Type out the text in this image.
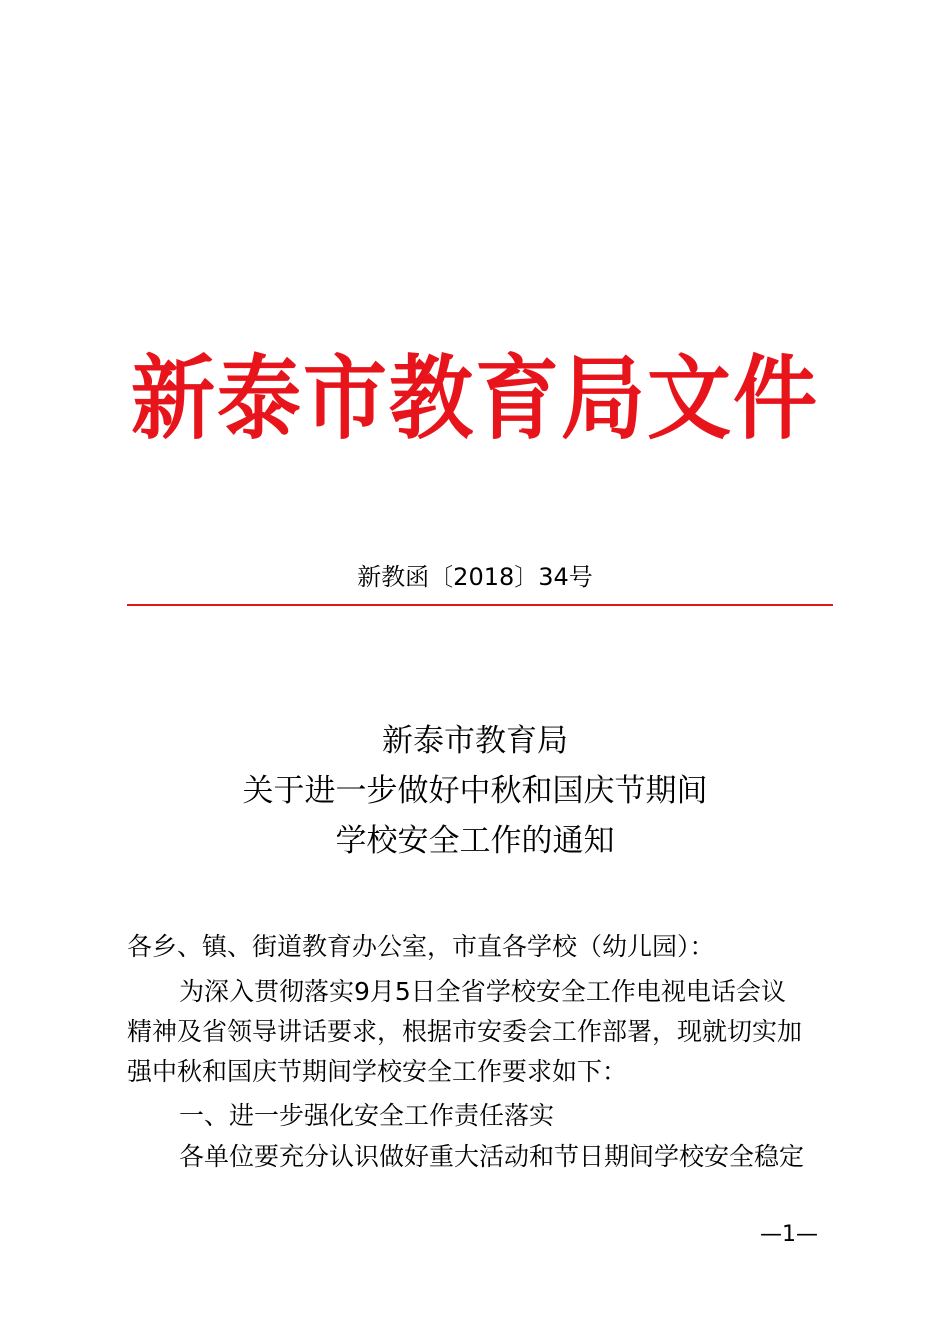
新泰市教育局文件
新教函〔2018〕34号
新泰市教育局
关于进一步做好中秋和国庆节期间
学校安全工作的通知
各乡、镇、街道教育办公室，市直各学校（幼儿园）：
为深入贯彻落实9月5日全省学校安全工作电视电话会议
精神及省领导讲话要求，根据市安委会工作部署，现就切实加
强中秋和国庆节期间学校安全工作要求如下：
一、进一步强化安全工作责任落实
各单位要充分认识做好重大活动和节日期间学校安全稳定
—1—
